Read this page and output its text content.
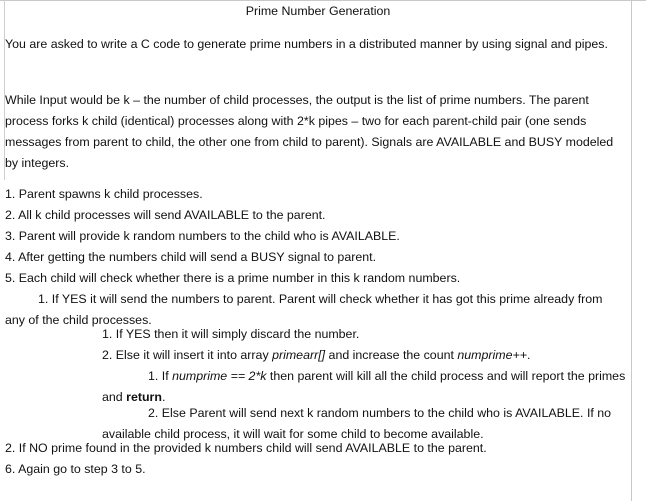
Prime Number Generation

You are asked to write a C code to generate prime numbers in a distributed manner by using signal and pipes.

While Input would be k – the number of child processes, the output is the list of prime numbers. The parent process forks k child (identical) processes along with 2*k pipes – two for each parent-child pair (one sends messages from parent to child, the other one from child to parent). Signals are AVAILABLE and BUSY modeled by integers.

1. Parent spawns k child processes.
2. All k child processes will send AVAILABLE to the parent.
3. Parent will provide k random numbers to the child who is AVAILABLE.
4. After getting the numbers child will send a BUSY signal to parent.
5. Each child will check whether there is a prime number in this k random numbers.

1. If YES it will send the numbers to parent. Parent will check whether it has got this prime already from any of the child processes.

1. If YES then it will simply discard the number.
2. Else it will insert it into array primearr[] and increase the count numprime++.

1. If numprime == 2*k then parent will kill all the child process and will report the primes and return.

2. Else Parent will send next k random numbers to the child who is AVAILABLE. If no available child process, it will wait for some child to become available.

2. If NO prime found in the provided k numbers child will send AVAILABLE to the parent.
6. Again go to step 3 to 5.
